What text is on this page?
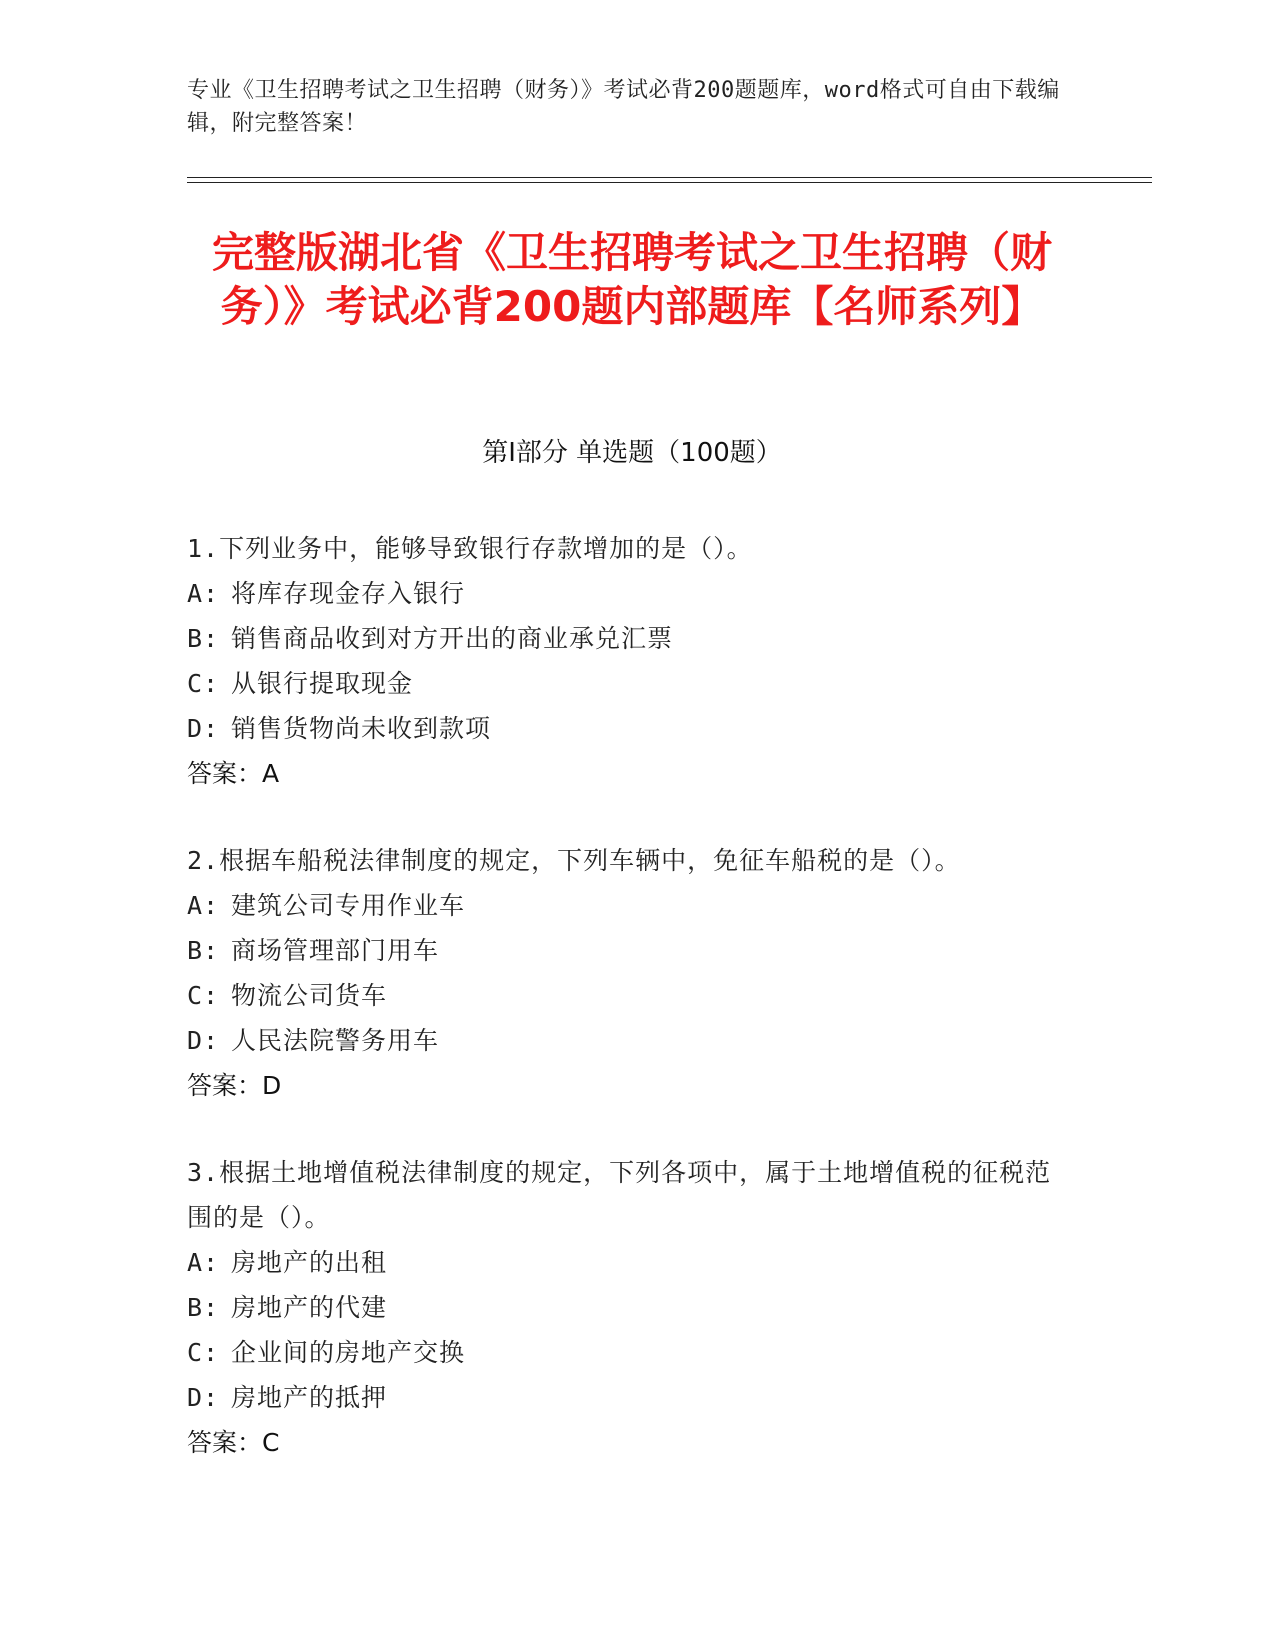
专业《卫生招聘考试之卫生招聘（财务）》考试必背200题题库，word格式可自由下载编辑，附完整答案！
完整版湖北省《卫生招聘考试之卫生招聘（财务）》考试必背200题内部题库【名师系列】
第I部分 单选题（100题）
1.下列业务中，能够导致银行存款增加的是（）。
A: 将库存现金存入银行
B: 销售商品收到对方开出的商业承兑汇票
C: 从银行提取现金
D: 销售货物尚未收到款项
答案：A
2.根据车船税法律制度的规定，下列车辆中，免征车船税的是（）。
A: 建筑公司专用作业车
B: 商场管理部门用车
C: 物流公司货车
D: 人民法院警务用车
答案：D
3.根据土地增值税法律制度的规定，下列各项中，属于土地增值税的征税范围的是（）。
A: 房地产的出租
B: 房地产的代建
C: 企业间的房地产交换
D: 房地产的抵押
答案：C
